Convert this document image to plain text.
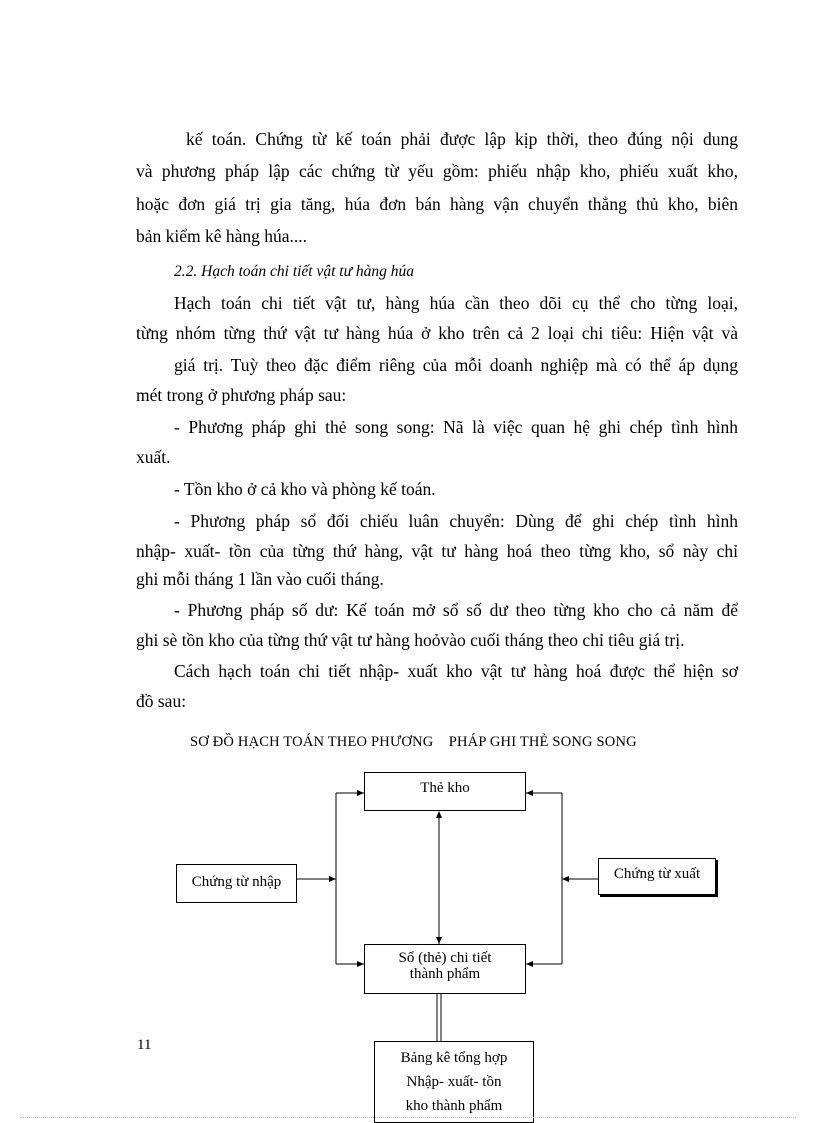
kế toán. Chứng từ kế toán phải được lập kịp thời, theo đúng nội dung
và phương pháp lập các chứng từ yếu gồm: phiếu nhập kho, phiếu xuất kho,
hoặc đơn giá trị gia tăng, húa đơn bán hàng vận chuyển thẳng thủ kho, biên
bản kiểm kê hàng húa....
2.2. Hạch toán chi tiết vật tư hàng húa
Hạch toán chi tiết vật tư, hàng húa cần theo dõi cụ thể cho từng loại,
từng nhóm từng thứ vật tư hàng húa ở kho trên cả 2 loại chi tiêu: Hiện vật và
giá trị. Tuỳ theo đặc điểm riêng của mỗi doanh nghiệp mà có thể áp dụng
mét trong ở phương pháp sau:
- Phương pháp ghi thẻ song song: Nã là việc quan hệ ghi chép tình hình
xuất.
- Tồn kho ở cả kho và phòng kế toán.
- Phương pháp sổ đối chiếu luân chuyển: Dùng để ghi chép tình hình
nhập- xuất- tồn của từng thứ hàng, vật tư hàng hoá theo từng kho, sổ này chỉ
ghi mỗi tháng 1 lần vào cuối tháng.
- Phương pháp số dư: Kế toán mở sổ số dư theo từng kho cho cả năm để
ghi sè tồn kho của từng thứ vật tư hàng hoỏvào cuối tháng theo chỉ tiêu giá trị.
Cách hạch toán chi tiết nhập- xuất kho vật tư hàng hoá được thể hiện sơ
đồ sau:
SƠ ĐỒ HẠCH TOÁN THEO PHƯƠNG    PHÁP GHI THẺ SONG SONG
Thẻ kho
Chứng từ nhập	Chứng từ xuất
Sổ (thẻ) chi tiết
thành phẩm
Bảng kê tổng hợp
Nhập- xuất- tồn
kho thành phẩm
11
